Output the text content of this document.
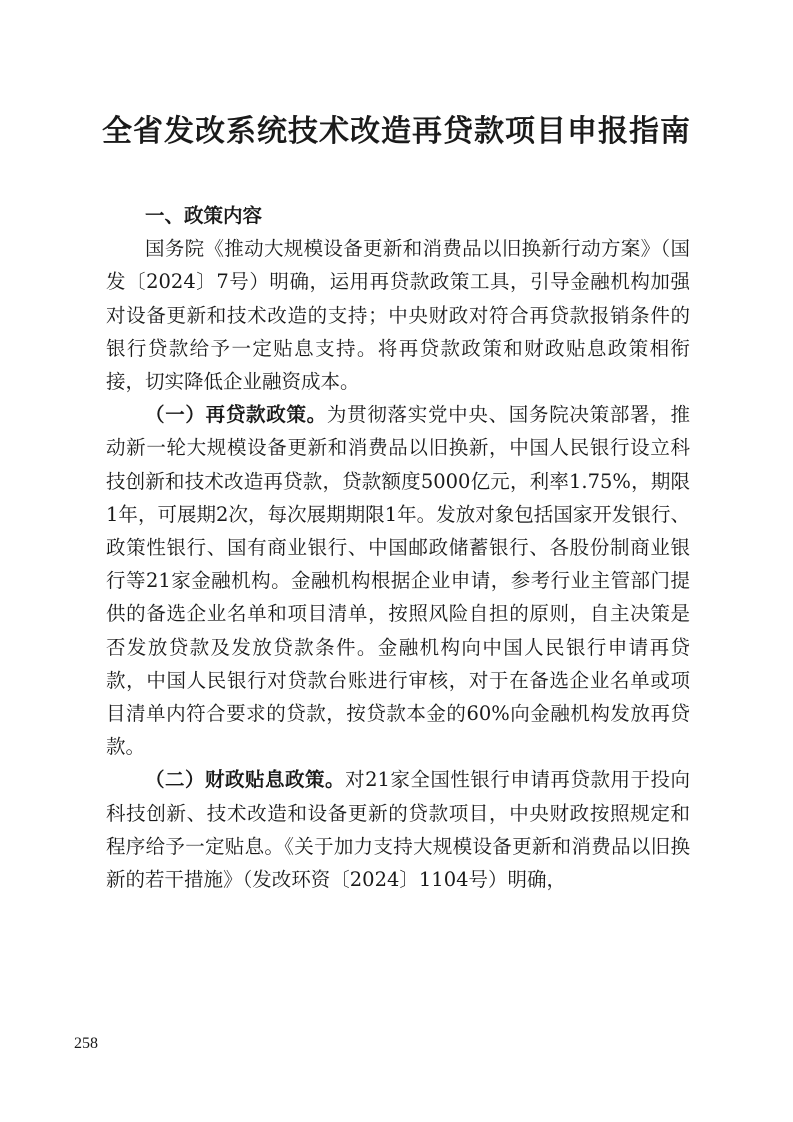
全省发改系统技术改造再贷款项目申报指南

一、政策内容

国务院《推动大规模设备更新和消费品以旧换新行动方案》（国发〔2024〕7号）明确，运用再贷款政策工具，引导金融机构加强对设备更新和技术改造的支持；中央财政对符合再贷款报销条件的银行贷款给予一定贴息支持。将再贷款政策和财政贴息政策相衔接，切实降低企业融资成本。

（一）再贷款政策。为贯彻落实党中央、国务院决策部署，推动新一轮大规模设备更新和消费品以旧换新，中国人民银行设立科技创新和技术改造再贷款，贷款额度5000亿元，利率1.75%，期限1年，可展期2次，每次展期期限1年。发放对象包括国家开发银行、政策性银行、国有商业银行、中国邮政储蓄银行、各股份制商业银行等21家金融机构。金融机构根据企业申请，参考行业主管部门提供的备选企业名单和项目清单，按照风险自担的原则，自主决策是否发放贷款及发放贷款条件。金融机构向中国人民银行申请再贷款，中国人民银行对贷款台账进行审核，对于在备选企业名单或项目清单内符合要求的贷款，按贷款本金的60%向金融机构发放再贷款。

（二）财政贴息政策。对21家全国性银行申请再贷款用于投向科技创新、技术改造和设备更新的贷款项目，中央财政按照规定和程序给予一定贴息。《关于加力支持大规模设备更新和消费品以旧换新的若干措施》（发改环资〔2024〕1104号）明确，

258
